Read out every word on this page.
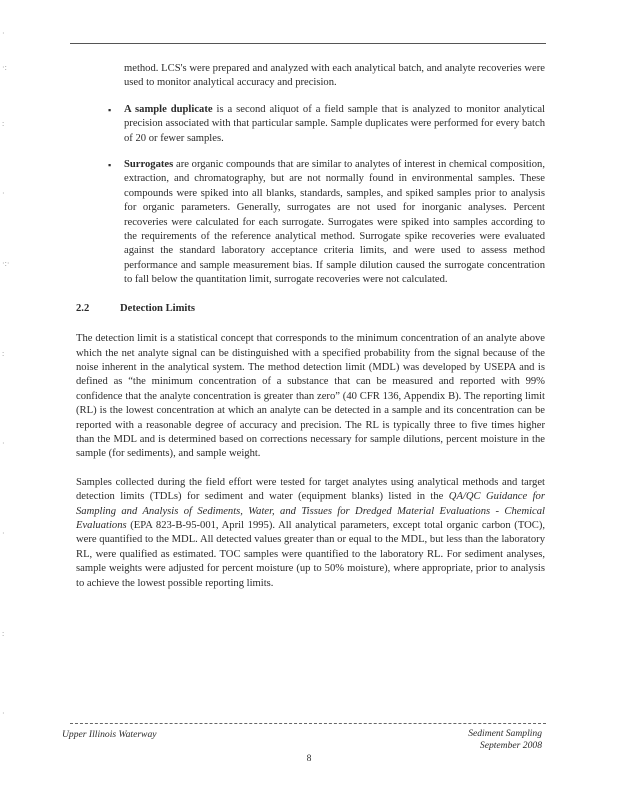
·
·:
:
·
·:·
:
·
·
:
·

method. LCS's were prepared and analyzed with each analytical batch, and analyte recoveries were used to monitor analytical accuracy and precision.

▪ A sample duplicate is a second aliquot of a field sample that is analyzed to monitor analytical precision associated with that particular sample. Sample duplicates were performed for every batch of 20 or fewer samples.

▪ Surrogates are organic compounds that are similar to analytes of interest in chemical composition, extraction, and chromatography, but are not normally found in environmental samples. These compounds were spiked into all blanks, standards, samples, and spiked samples prior to analysis for organic parameters. Generally, surrogates are not used for inorganic analyses. Percent recoveries were calculated for each surrogate. Surrogates were spiked into samples according to the requirements of the reference analytical method. Surrogate spike recoveries were evaluated against the standard laboratory acceptance criteria limits, and were used to assess method performance and sample measurement bias. If sample dilution caused the surrogate concentration to fall below the quantitation limit, surrogate recoveries were not calculated.

2.2	Detection Limits

The detection limit is a statistical concept that corresponds to the minimum concentration of an analyte above which the net analyte signal can be distinguished with a specified probability from the signal because of the noise inherent in the analytical system. The method detection limit (MDL) was developed by USEPA and is defined as “the minimum concentration of a substance that can be measured and reported with 99% confidence that the analyte concentration is greater than zero” (40 CFR 136, Appendix B). The reporting limit (RL) is the lowest concentration at which an analyte can be detected in a sample and its concentration can be reported with a reasonable degree of accuracy and precision. The RL is typically three to five times higher than the MDL and is determined based on corrections necessary for sample dilutions, percent moisture in the sample (for sediments), and sample weight.

Samples collected during the field effort were tested for target analytes using analytical methods and target detection limits (TDLs) for sediment and water (equipment blanks) listed in the QA/QC Guidance for Sampling and Analysis of Sediments, Water, and Tissues for Dredged Material Evaluations - Chemical Evaluations (EPA 823-B-95-001, April 1995). All analytical parameters, except total organic carbon (TOC), were quantified to the MDL. All detected values greater than or equal to the MDL, but less than the laboratory RL, were qualified as estimated. TOC samples were quantified to the laboratory RL. For sediment analyses, sample weights were adjusted for percent moisture (up to 50% moisture), where appropriate, prior to analysis to achieve the lowest possible reporting limits.

Upper Illinois Waterway	Sediment Sampling
September 2008
8
